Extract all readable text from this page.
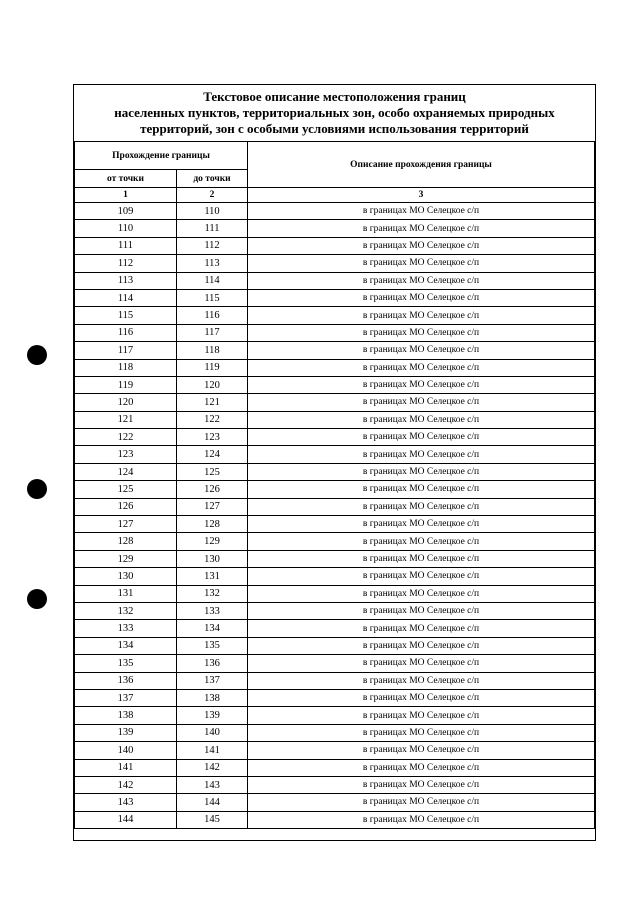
Текстовое описание местоположения границ
населенных пунктов, территориальных зон, особо охраняемых природных
территорий, зон с особыми условиями использования территорий
Прохождение границы		Описание прохождения границы
от точки	до точки	
1	2	3
109	110	в границах МО Селецкое с/п
110	111	в границах МО Селецкое с/п
111	112	в границах МО Селецкое с/п
112	113	в границах МО Селецкое с/п
113	114	в границах МО Селецкое с/п
114	115	в границах МО Селецкое с/п
115	116	в границах МО Селецкое с/п
116	117	в границах МО Селецкое с/п
117	118	в границах МО Селецкое с/п
118	119	в границах МО Селецкое с/п
119	120	в границах МО Селецкое с/п
120	121	в границах МО Селецкое с/п
121	122	в границах МО Селецкое с/п
122	123	в границах МО Селецкое с/п
123	124	в границах МО Селецкое с/п
124	125	в границах МО Селецкое с/п
125	126	в границах МО Селецкое с/п
126	127	в границах МО Селецкое с/п
127	128	в границах МО Селецкое с/п
128	129	в границах МО Селецкое с/п
129	130	в границах МО Селецкое с/п
130	131	в границах МО Селецкое с/п
131	132	в границах МО Селецкое с/п
132	133	в границах МО Селецкое с/п
133	134	в границах МО Селецкое с/п
134	135	в границах МО Селецкое с/п
135	136	в границах МО Селецкое с/п
136	137	в границах МО Селецкое с/п
137	138	в границах МО Селецкое с/п
138	139	в границах МО Селецкое с/п
139	140	в границах МО Селецкое с/п
140	141	в границах МО Селецкое с/п
141	142	в границах МО Селецкое с/п
142	143	в границах МО Селецкое с/п
143	144	в границах МО Селецкое с/п
144	145	в границах МО Селецкое с/п
